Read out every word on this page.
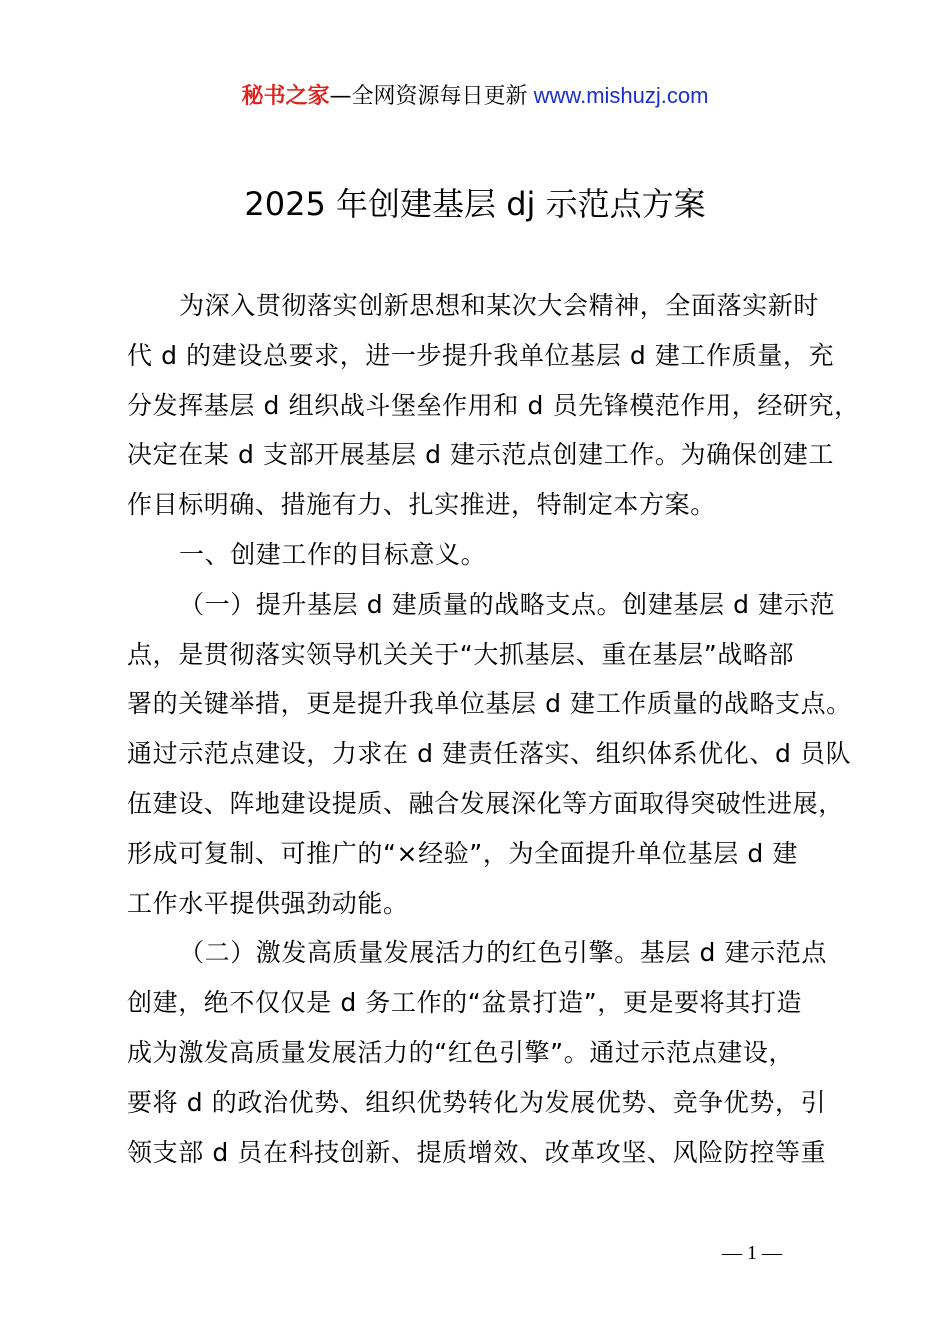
秘书之家—全网资源每日更新 www.mishuzj.com
2025 年创建基层 dj 示范点方案
为深入贯彻落实创新思想和某次大会精神，全面落实新时
代 d 的建设总要求，进一步提升我单位基层 d 建工作质量，充
分发挥基层 d 组织战斗堡垒作用和 d 员先锋模范作用，经研究，
决定在某 d 支部开展基层 d 建示范点创建工作。为确保创建工
作目标明确、措施有力、扎实推进，特制定本方案。
一、创建工作的目标意义。
（一）提升基层 d 建质量的战略支点。创建基层 d 建示范
点，是贯彻落实领导机关关于“大抓基层、重在基层”战略部
署的关键举措，更是提升我单位基层 d 建工作质量的战略支点。
通过示范点建设，力求在 d 建责任落实、组织体系优化、d 员队
伍建设、阵地建设提质、融合发展深化等方面取得突破性进展，
形成可复制、可推广的“×经验”，为全面提升单位基层 d 建
工作水平提供强劲动能。
（二）激发高质量发展活力的红色引擎。基层 d 建示范点
创建，绝不仅仅是 d 务工作的“盆景打造”，更是要将其打造
成为激发高质量发展活力的“红色引擎”。通过示范点建设，
要将 d 的政治优势、组织优势转化为发展优势、竞争优势，引
领支部 d 员在科技创新、提质增效、改革攻坚、风险防控等重
— 1 —
